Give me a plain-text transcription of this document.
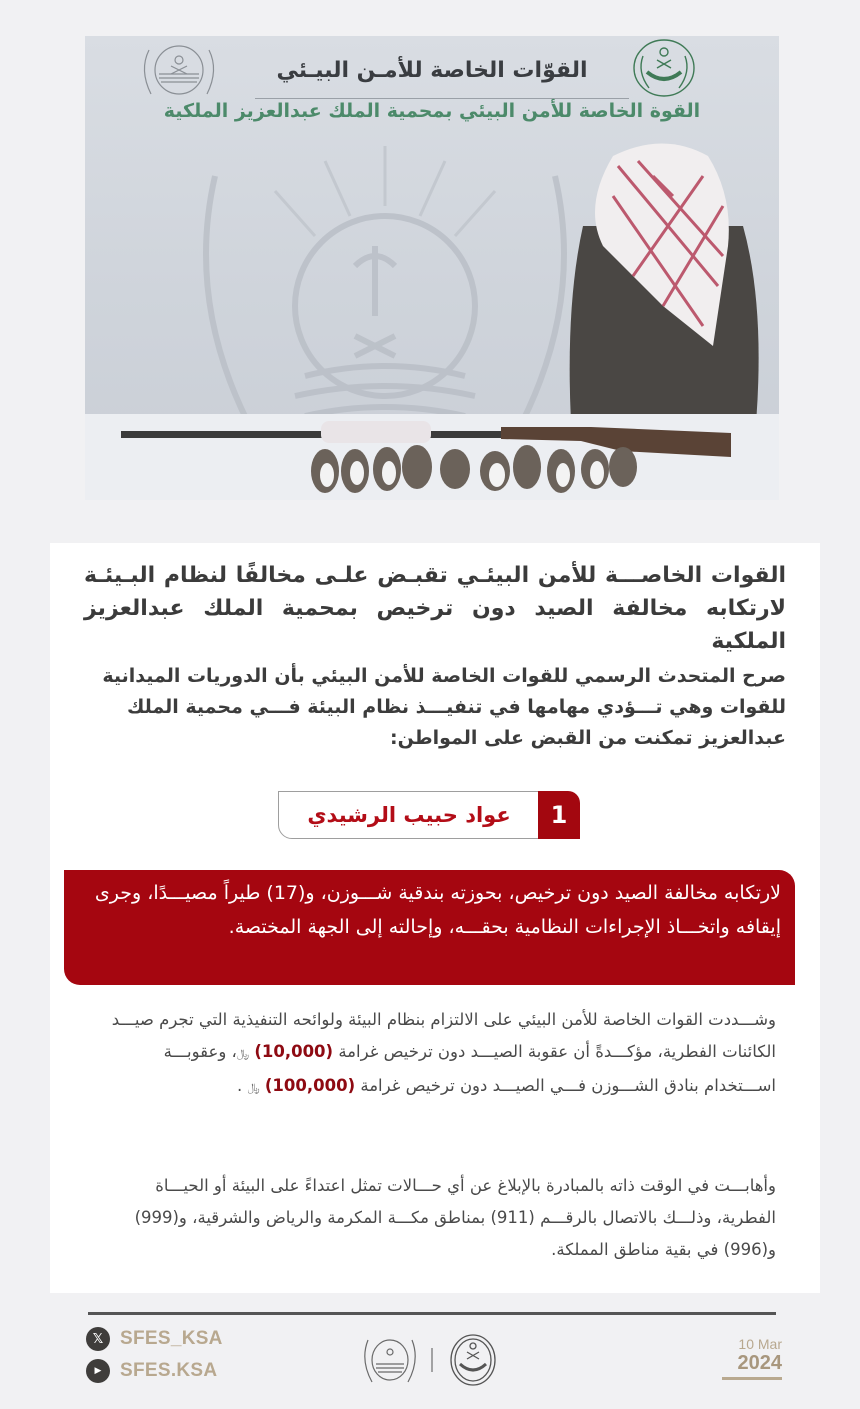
القوّات الخاصة للأمـن البيـئي
القوة الخاصة للأمن البيئي بمحمية الملك عبدالعزيز الملكية
القوات الخاصـــة للأمن البيئـي تقبـض علـى مخالفًا لنظام البـيئـة لارتكابه مخالفة الصيد دون ترخيص بمحمية الملك عبدالعزيز الملكية

صرح المتحدث الرسمي للقوات الخاصة للأمن البيئي بأن الدوريات الميدانية للقوات وهي تـــؤدي مهامها في تنفيـــذ نظام البيئة فـــي محمية الملك عبدالعزيز تمكنت من القبض على المواطن:

عواد حبيب الرشيدي	1
لارتكابه مخالفة الصيد دون ترخيص، بحوزته بندقية شـــوزن، و(17) طيراً مصيـــدًا، وجرى إيقافه واتخـــاذ الإجراءات النظامية بحقـــه، وإحالته إلى الجهة المختصة.

وشـــددت القوات الخاصة للأمن البيئي على الالتزام بنظام البيئة ولوائحه التنفيذية التي تجرم صيـــد الكائنات الفطرية، مؤكـــدةً أن عقوبة الصيـــد دون ترخيص غرامة (10,000) ﷼، وعقوبـــة اســـتخدام بنادق الشـــوزن فـــي الصيـــد دون ترخيص غرامة (100,000) ﷼ .

وأهابـــت في الوقت ذاته بالمبادرة بالإبلاغ عن أي حـــالات تمثل اعتداءً على البيئة أو الحيـــاة الفطرية، وذلـــك بالاتصال بالرقـــم (911) بمناطق مكـــة المكرمة والرياض والشرقية، و(999) و(996) في بقية مناطق المملكة.

𝕏 SFES_KSA
▶ SFES.KSA
10 Mar
2024
